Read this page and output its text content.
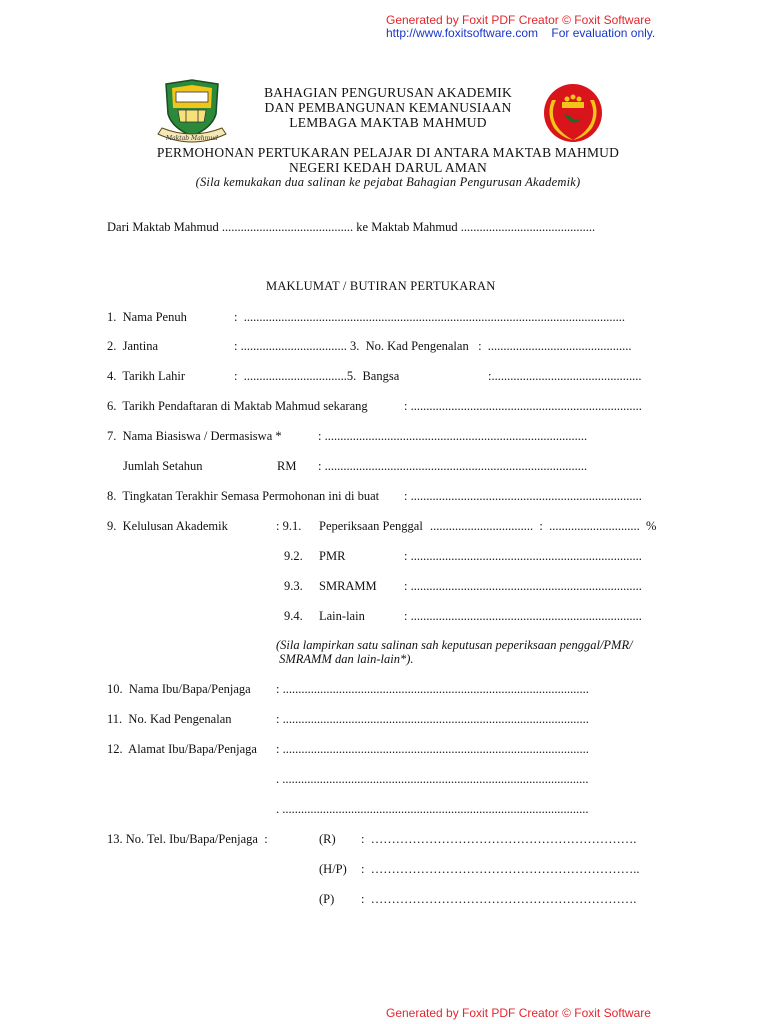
Generated by Foxit PDF Creator © Foxit Software
http://www.foxitsoftware.com For evaluation only.
Maktab Mahmud
BAHAGIAN PENGURUSAN AKADEMIK
DAN PEMBANGUNAN KEMANUSIAAN
LEMBAGA MAKTAB MAHMUD
PERMOHONAN PERTUKARAN PELAJAR DI ANTARA MAKTAB MAHMUD
NEGERI KEDAH DARUL AMAN
(Sila kemukakan dua salinan ke pejabat Bahagian Pengurusan Akademik)
Dari Maktab Mahmud .......................................... ke Maktab Mahmud ...........................................
MAKLUMAT / BUTIRAN PERTUKARAN
1.  Nama Penuh	:  ..........................................................................................................................
2.  Jantina	: .................................. 3.  No. Kad Pengenalan   :  ..............................................
4.  Tarikh Lahir	:  .................................5.  Bangsa	:................................................
6.  Tarikh Pendaftaran di Maktab Mahmud sekarang	: ..........................................................................
7.  Nama Biasiswa / Dermasiswa *	: ....................................................................................
Jumlah Setahun	RM : ....................................................................................
8.  Tingkatan Terakhir Semasa Permohonan ini di buat : ..........................................................................
9.  Kelulusan Akademik	: 9.1. Peperiksaan Penggal .................................  :  .............................  %
9.2. PMR	: ..........................................................................
9.3. SMRAMM : ..........................................................................
9.4. Lain-lain	: ..........................................................................
(Sila lampirkan satu salinan sah keputusan peperiksaan penggal/PMR/
SMRAMM dan lain-lain*).
10.  Nama Ibu/Bapa/Penjaga : ..................................................................................................
11.  No. Kad Pengenalan	: ..................................................................................................
12.  Alamat Ibu/Bapa/Penjaga : ..................................................................................................
. ..................................................................................................
. ..................................................................................................
13. No. Tel. Ibu/Bapa/Penjaga  :	(R) :  ……………………………………………………….
(H/P) :  ………………………………………………………..
(P) :  ……………………………………………………….
Generated by Foxit PDF Creator © Foxit Software
